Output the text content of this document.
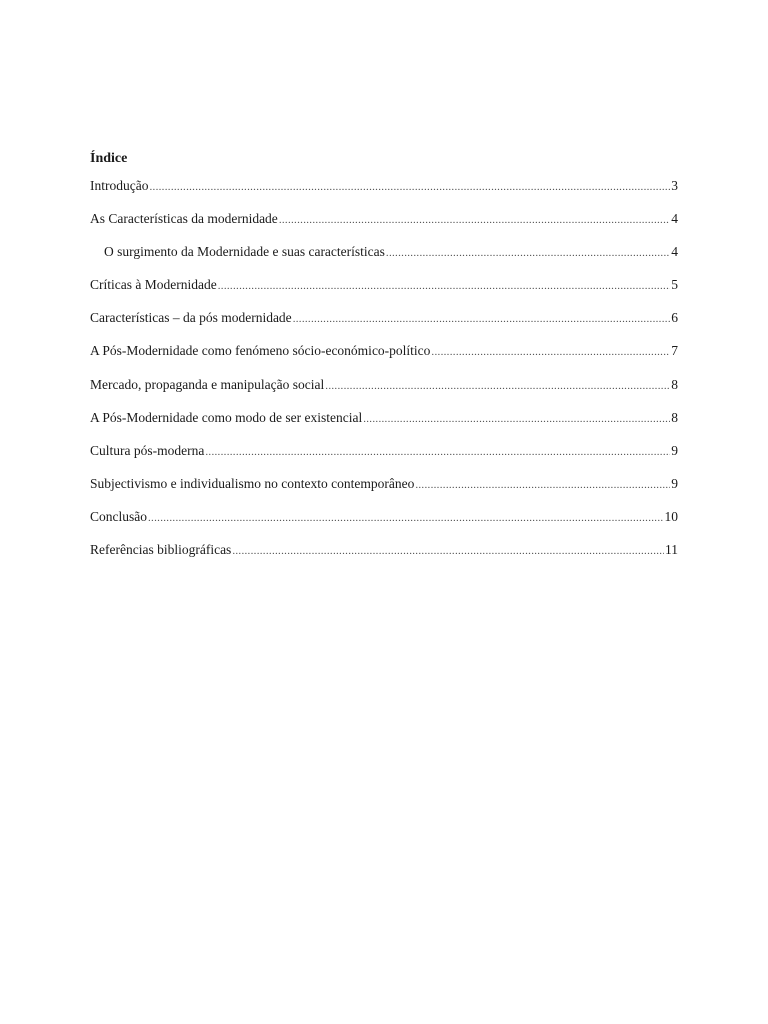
Índice
Introdução .....	3
As Características da modernidade .....	4
O surgimento da Modernidade e suas características .....	4
Críticas à Modernidade .....	5
Características – da pós modernidade .....	6
A Pós-Modernidade como fenómeno sócio-económico-político .....	7
Mercado, propaganda e manipulação social .....	8
A Pós-Modernidade como modo de ser existencial .....	8
Cultura pós-moderna .....	9
Subjectivismo e individualismo no contexto contemporâneo .....	9
Conclusão .....	10
Referências bibliográficas .....	11
